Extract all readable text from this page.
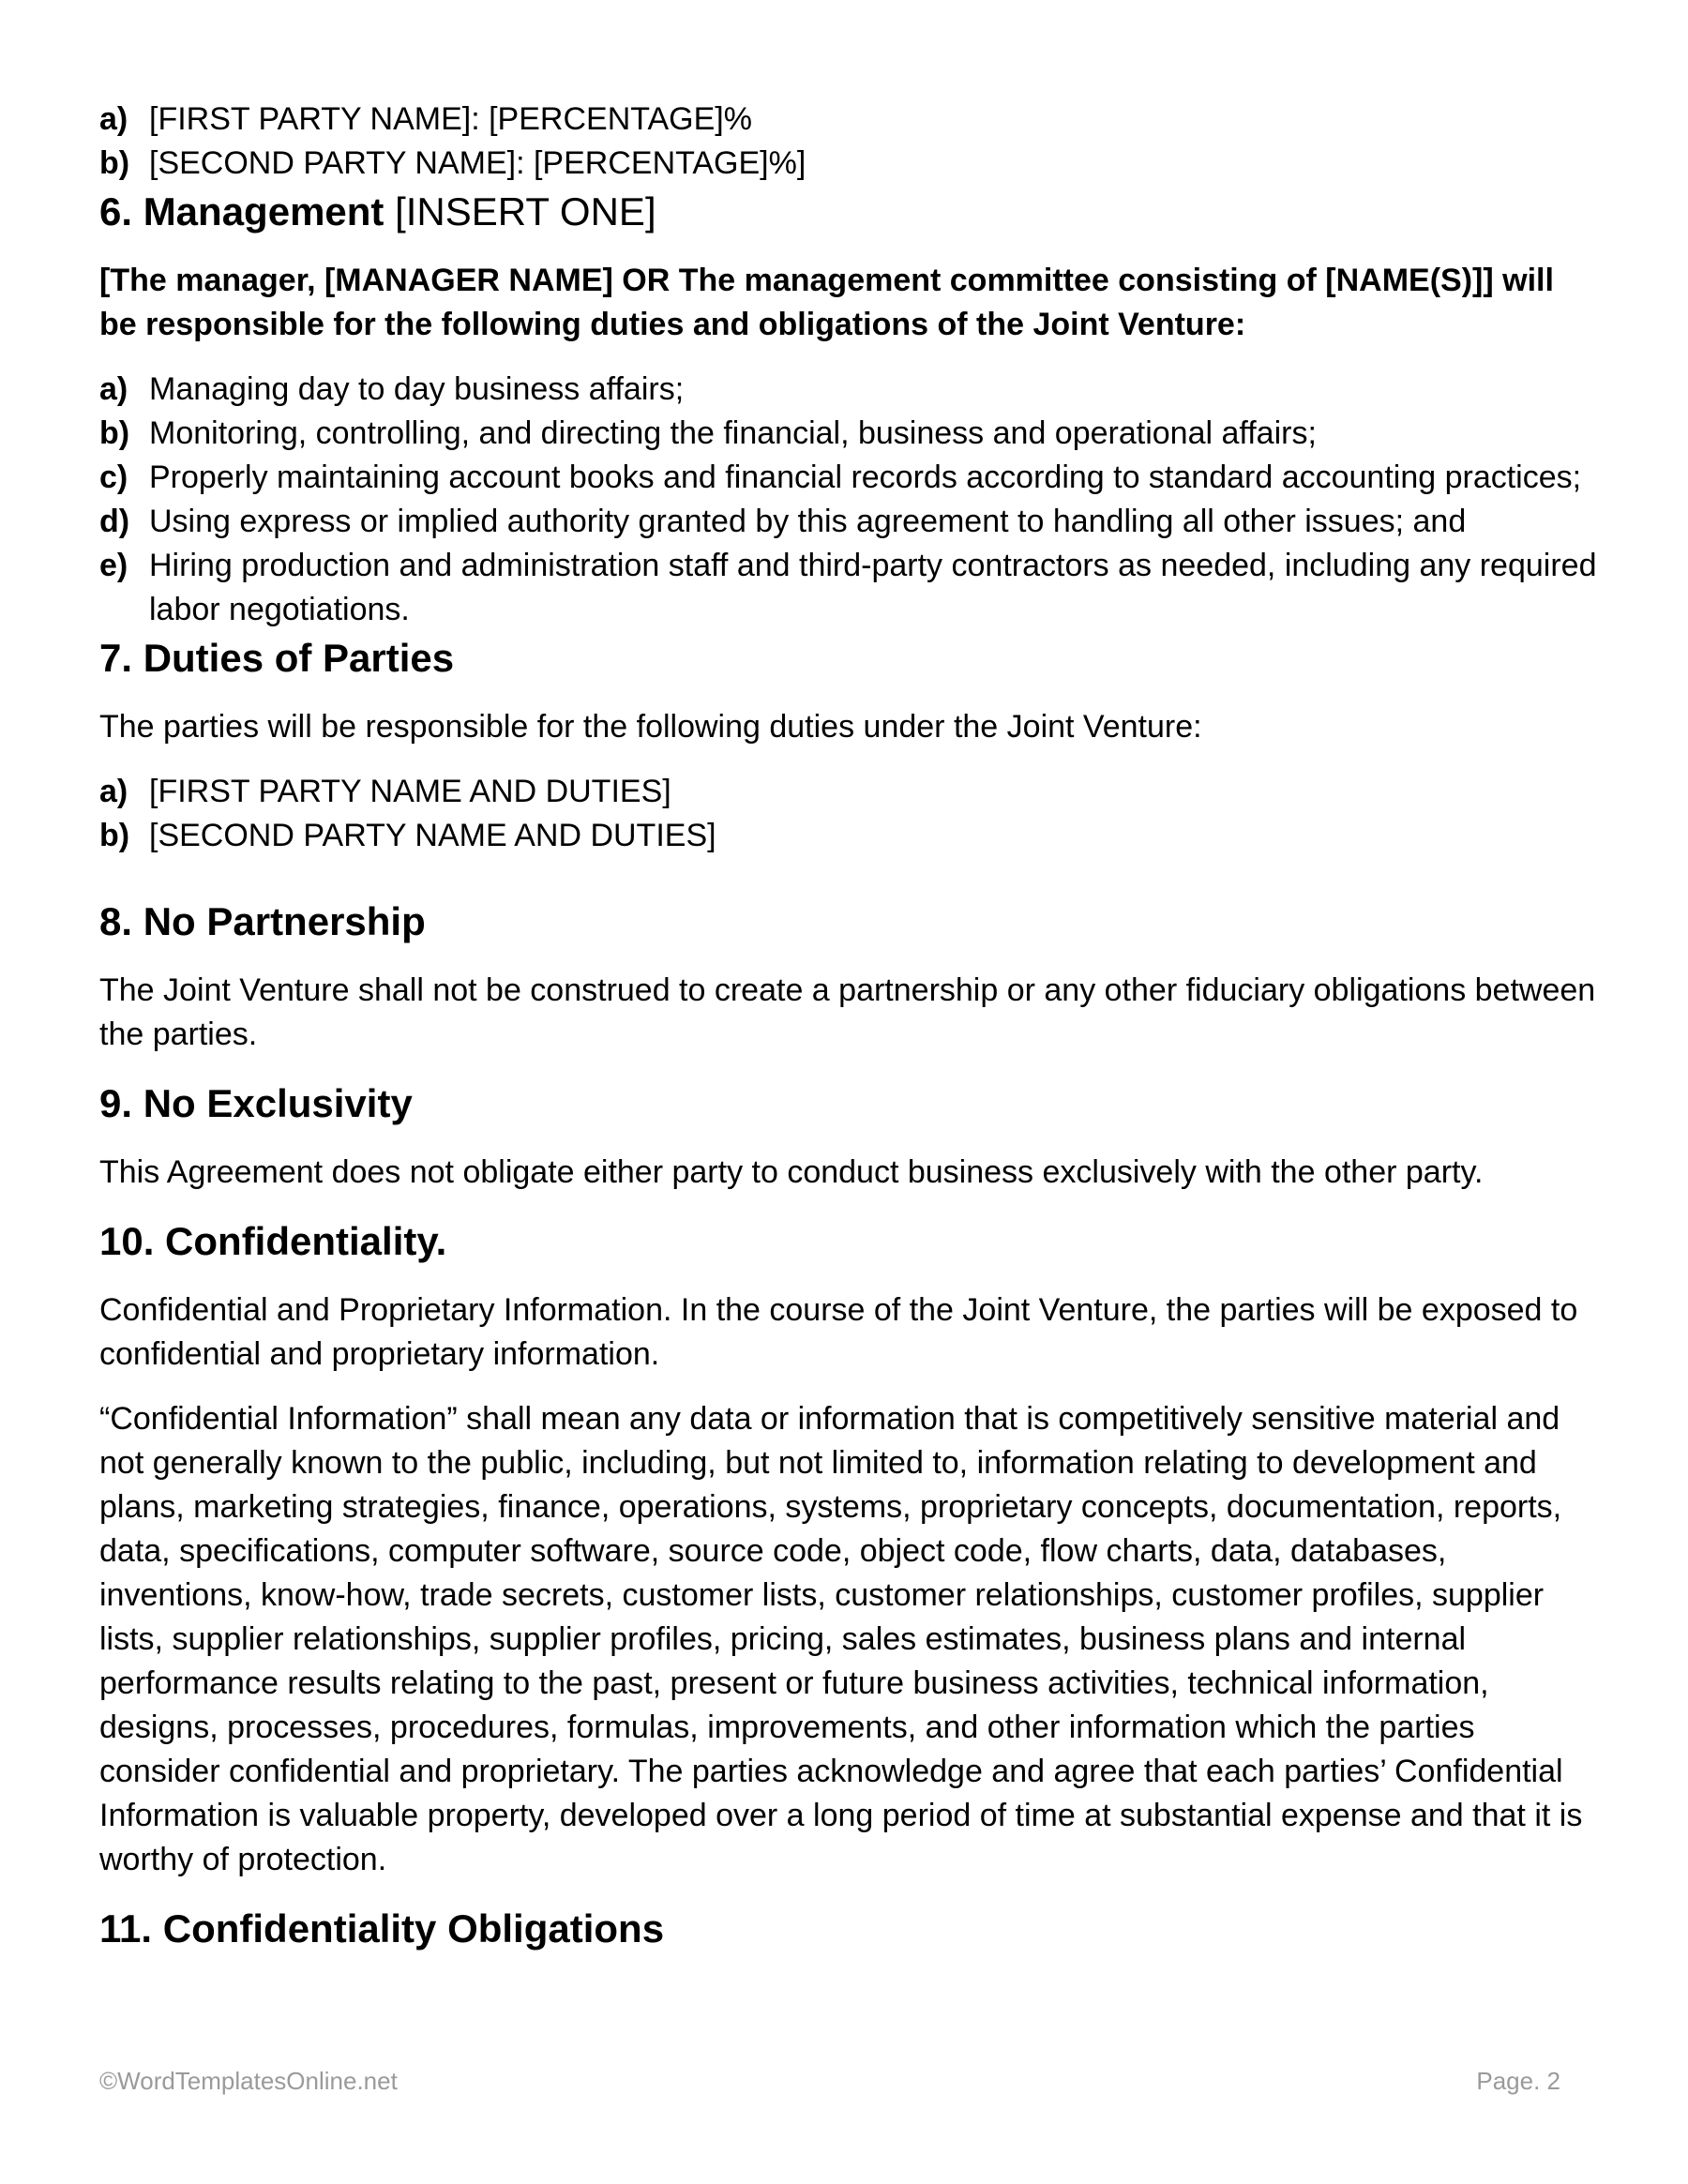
a) [FIRST PARTY NAME]: [PERCENTAGE]%
b) [SECOND PARTY NAME]: [PERCENTAGE]%]
6. Management [INSERT ONE]

[The manager, [MANAGER NAME] OR The management committee consisting of [NAME(S)]] will be responsible for the following duties and obligations of the Joint Venture:

a) Managing day to day business affairs;
b) Monitoring, controlling, and directing the financial, business and operational affairs;
c) Properly maintaining account books and financial records according to standard accounting practices;
d) Using express or implied authority granted by this agreement to handling all other issues; and
e) Hiring production and administration staff and third-party contractors as needed, including any required labor negotiations.
7. Duties of Parties

The parties will be responsible for the following duties under the Joint Venture:

a) [FIRST PARTY NAME AND DUTIES]
b) [SECOND PARTY NAME AND DUTIES]
8. No Partnership

The Joint Venture shall not be construed to create a partnership or any other fiduciary obligations between the parties.

9. No Exclusivity

This Agreement does not obligate either party to conduct business exclusively with the other party.

10. Confidentiality.

Confidential and Proprietary Information. In the course of the Joint Venture, the parties will be exposed to confidential and proprietary information.

“Confidential Information” shall mean any data or information that is competitively sensitive material and not generally known to the public, including, but not limited to, information relating to development and plans, marketing strategies, finance, operations, systems, proprietary concepts, documentation, reports, data, specifications, computer software, source code, object code, flow charts, data, databases, inventions, know-how, trade secrets, customer lists, customer relationships, customer profiles, supplier lists, supplier relationships, supplier profiles, pricing, sales estimates, business plans and internal performance results relating to the past, present or future business activities, technical information, designs, processes, procedures, formulas, improvements, and other information which the parties consider confidential and proprietary. The parties acknowledge and agree that each parties’ Confidential Information is valuable property, developed over a long period of time at substantial expense and that it is worthy of protection.

11. Confidentiality Obligations
©WordTemplatesOnline.net	Page. 2
